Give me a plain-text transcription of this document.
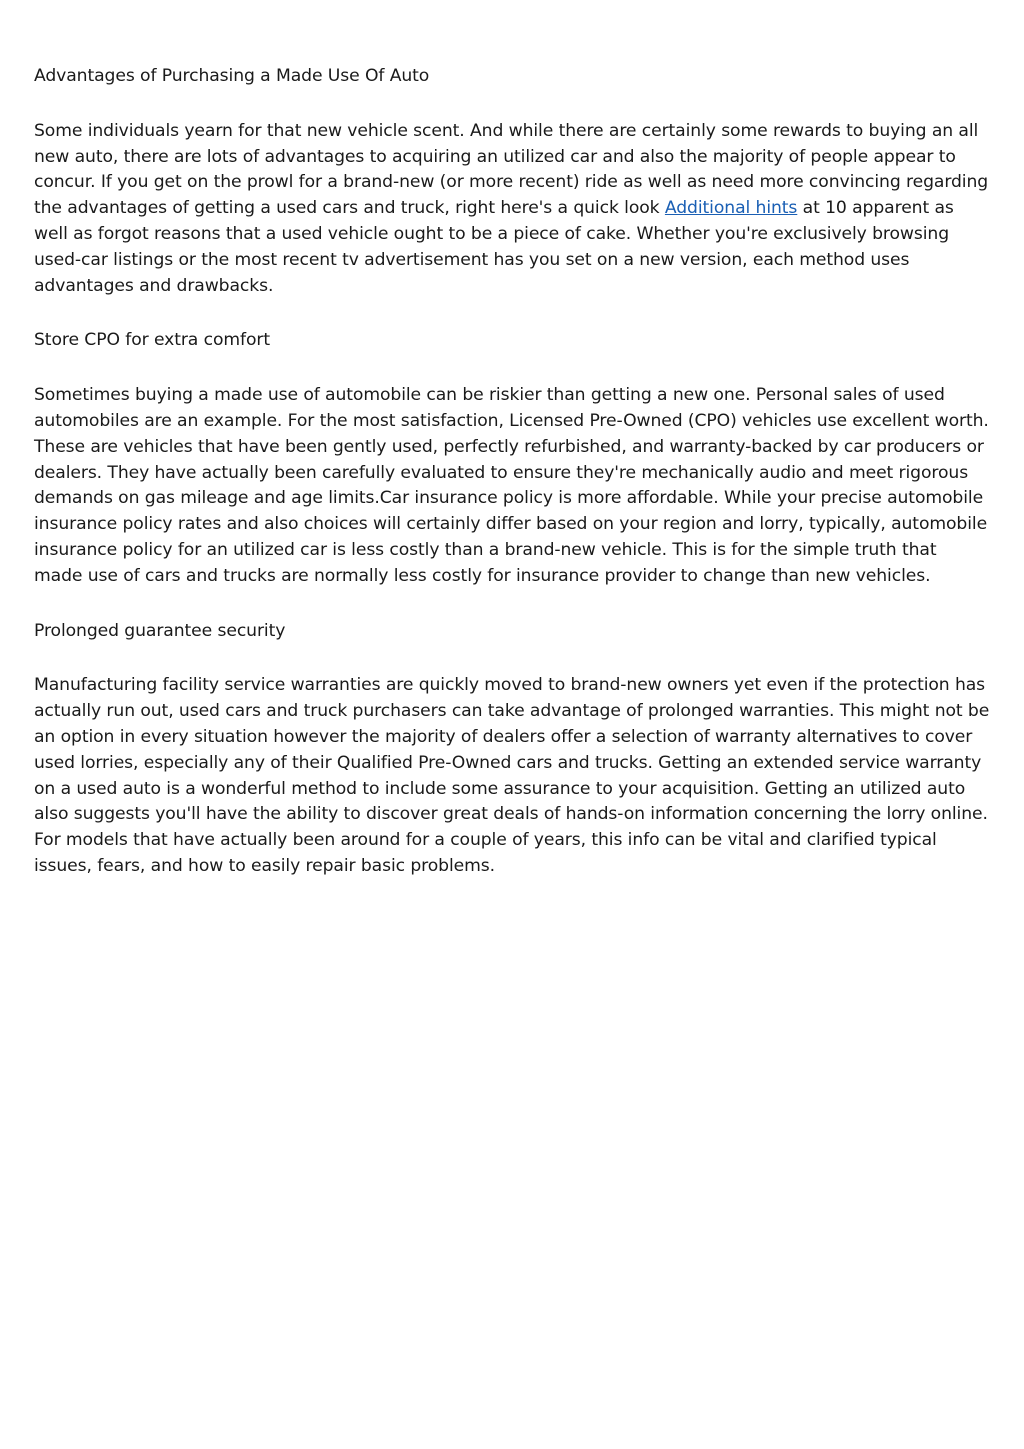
Advantages of Purchasing a Made Use Of Auto

Some individuals yearn for that new vehicle scent. And while there are certainly some rewards to buying an all new auto, there are lots of advantages to acquiring an utilized car and also the majority of people appear to concur. If you get on the prowl for a brand-new (or more recent) ride as well as need more convincing regarding the advantages of getting a used cars and truck, right here's a quick look Additional hints at 10 apparent as well as forgot reasons that a used vehicle ought to be a piece of cake. Whether you're exclusively browsing used-car listings or the most recent tv advertisement has you set on a new version, each method uses advantages and drawbacks.

Store CPO for extra comfort

Sometimes buying a made use of automobile can be riskier than getting a new one. Personal sales of used automobiles are an example. For the most satisfaction, Licensed Pre-Owned (CPO) vehicles use excellent worth. These are vehicles that have been gently used, perfectly refurbished, and warranty-backed by car producers or dealers. They have actually been carefully evaluated to ensure they're mechanically audio and meet rigorous demands on gas mileage and age limits.Car insurance policy is more affordable. While your precise automobile insurance policy rates and also choices will certainly differ based on your region and lorry, typically, automobile insurance policy for an utilized car is less costly than a brand-new vehicle. This is for the simple truth that made use of cars and trucks are normally less costly for insurance provider to change than new vehicles.

Prolonged guarantee security

Manufacturing facility service warranties are quickly moved to brand-new owners yet even if the protection has actually run out, used cars and truck purchasers can take advantage of prolonged warranties. This might not be an option in every situation however the majority of dealers offer a selection of warranty alternatives to cover used lorries, especially any of their Qualified Pre-Owned cars and trucks. Getting an extended service warranty on a used auto is a wonderful method to include some assurance to your acquisition. Getting an utilized auto also suggests you'll have the ability to discover great deals of hands-on information concerning the lorry online. For models that have actually been around for a couple of years, this info can be vital and clarified typical issues, fears, and how to easily repair basic problems.
